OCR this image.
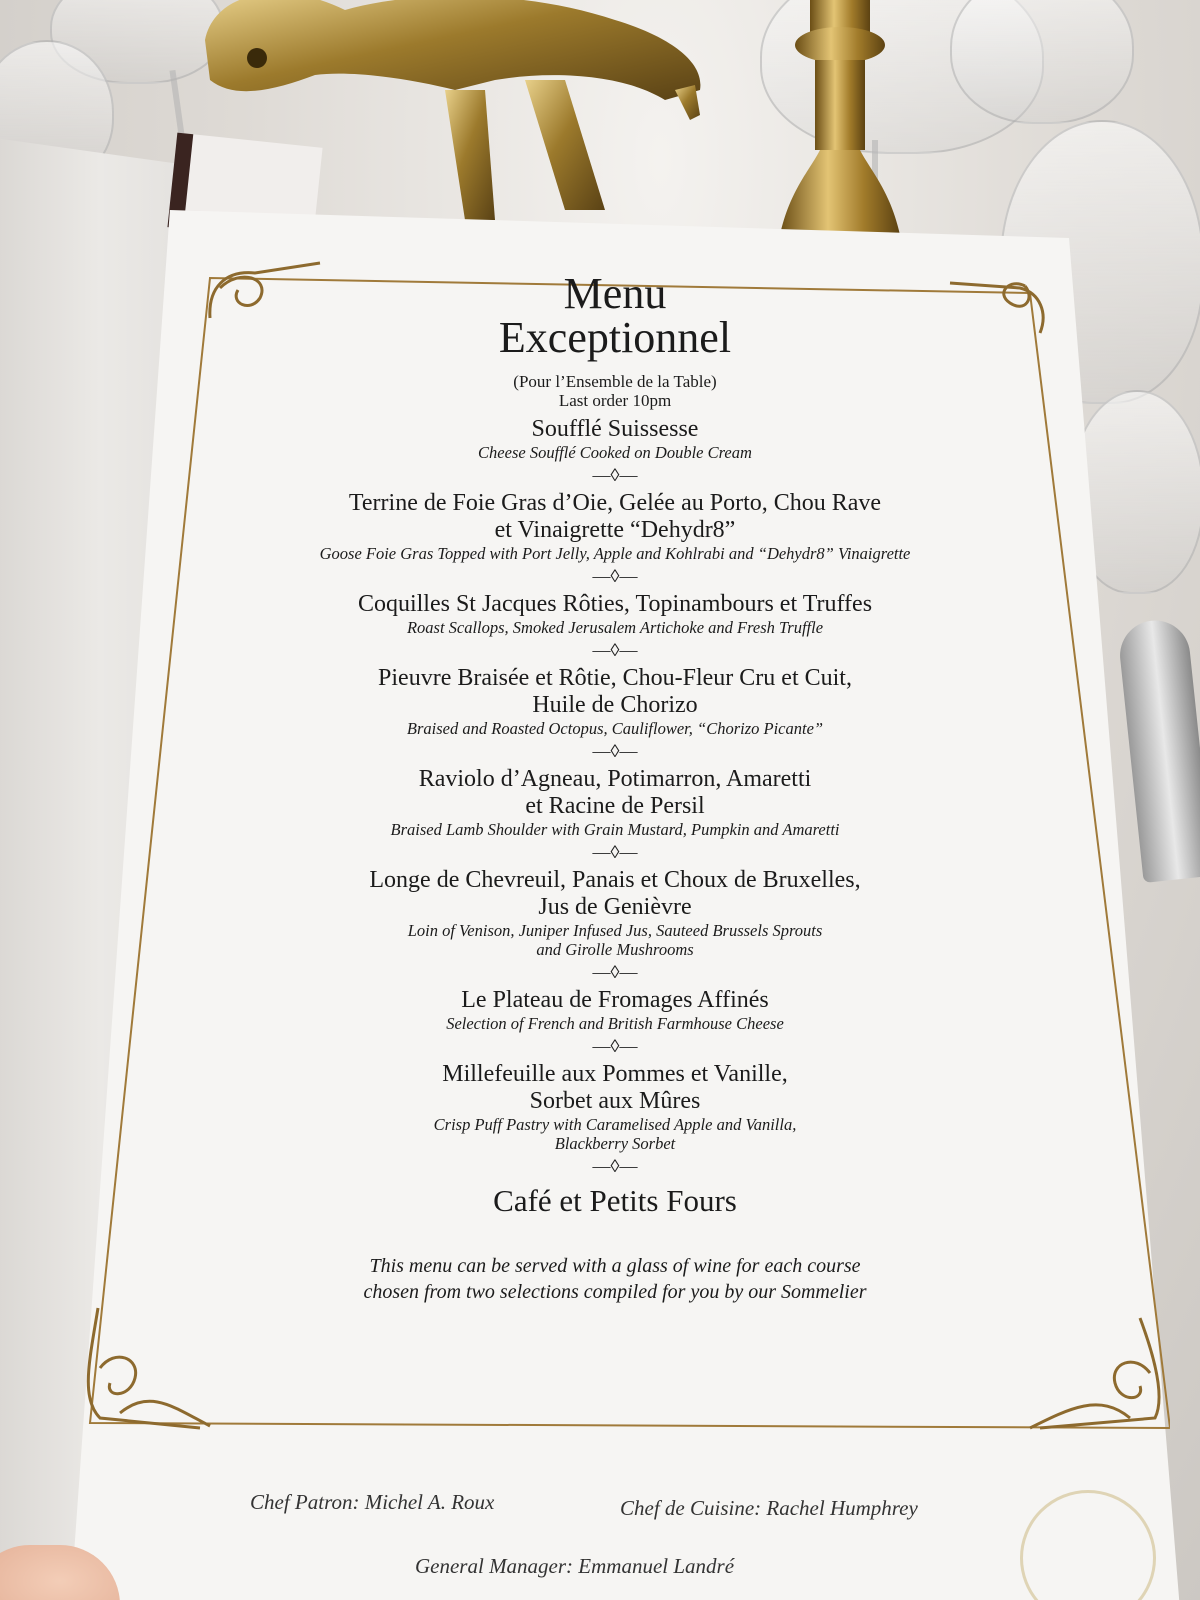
Menu

Exceptionnel

(Pour l’Ensemble de la Table)

Last order 10pm

Soufflé Suissesse

Cheese Soufflé Cooked on Double Cream

—◊—

Terrine de Foie Gras d’Oie, Gelée au Porto, Chou Rave

et Vinaigrette “Dehydr8”

Goose Foie Gras Topped with Port Jelly, Apple and Kohlrabi and “Dehydr8” Vinaigrette

—◊—

Coquilles St Jacques Rôties, Topinambours et Truffes

Roast Scallops, Smoked Jerusalem Artichoke and Fresh Truffle

—◊—

Pieuvre Braisée et Rôtie, Chou-Fleur Cru et Cuit,

Huile de Chorizo

Braised and Roasted Octopus, Cauliflower, “Chorizo Picante”

—◊—

Raviolo d’Agneau, Potimarron, Amaretti

et Racine de Persil

Braised Lamb Shoulder with Grain Mustard, Pumpkin and Amaretti

—◊—

Longe de Chevreuil, Panais et Choux de Bruxelles,

Jus de Genièvre

Loin of Venison, Juniper Infused Jus, Sauteed Brussels Sprouts

and Girolle Mushrooms

—◊—

Le Plateau de Fromages Affinés

Selection of French and British Farmhouse Cheese

—◊—

Millefeuille aux Pommes et Vanille,

Sorbet aux Mûres

Crisp Puff Pastry with Caramelised Apple and Vanilla,

Blackberry Sorbet

—◊—

Café et Petits Fours

This menu can be served with a glass of wine for each course

chosen from two selections compiled for you by our Sommelier

Chef Patron: Michel A. Roux	Chef de Cuisine: Rachel Humphrey
General Manager: Emmanuel Landré
